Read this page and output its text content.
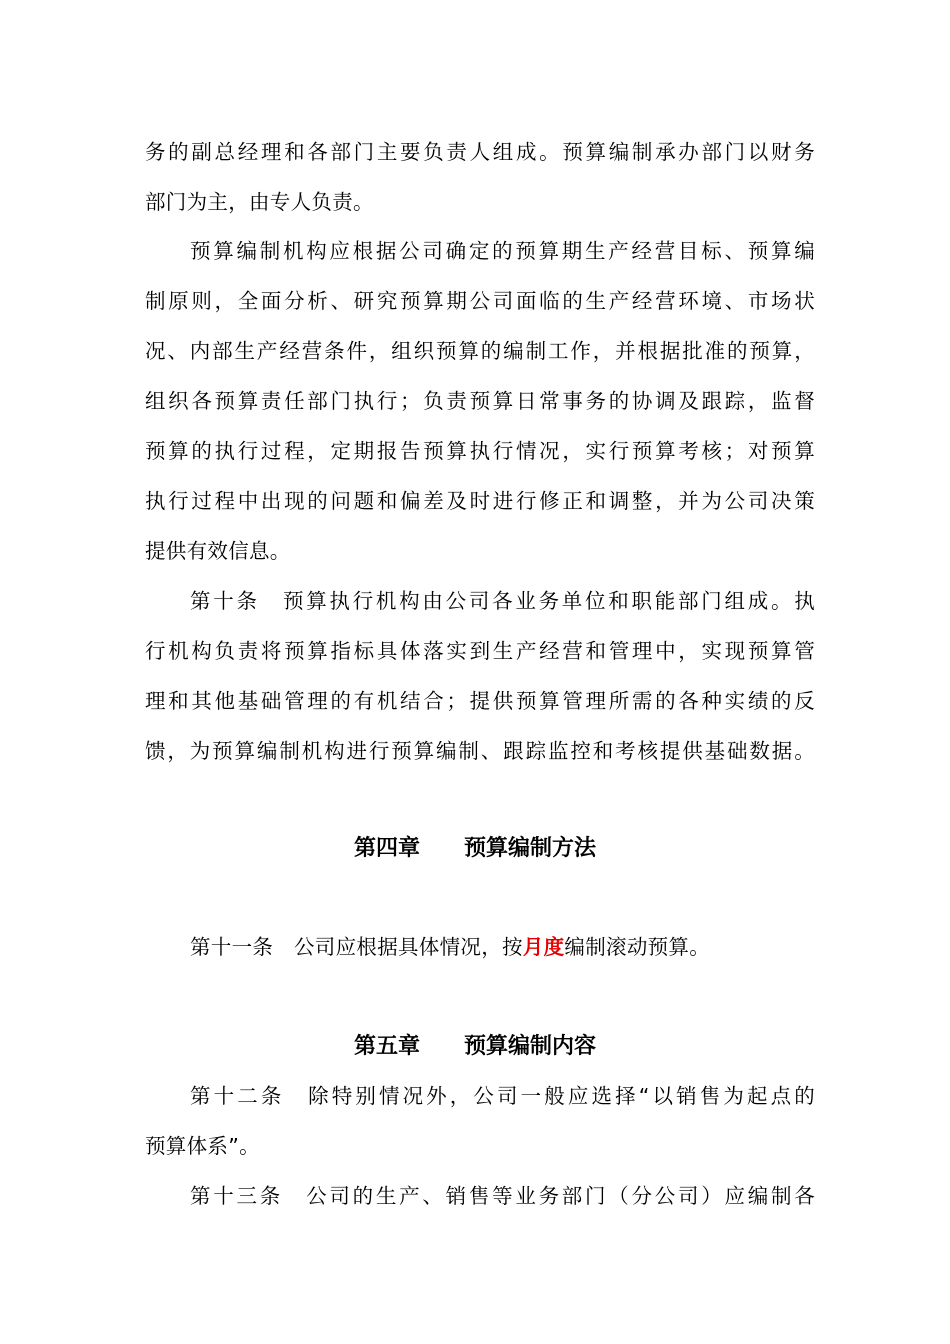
务的副总经理和各部门主要负责人组成。预算编制承办部门以财务
部门为主，由专人负责。
预算编制机构应根据公司确定的预算期生产经营目标、预算编
制原则，全面分析、研究预算期公司面临的生产经营环境、市场状
况、内部生产经营条件，组织预算的编制工作，并根据批准的预算，
组织各预算责任部门执行；负责预算日常事务的协调及跟踪，监督
预算的执行过程，定期报告预算执行情况，实行预算考核；对预算
执行过程中出现的问题和偏差及时进行修正和调整，并为公司决策
提供有效信息。
第十条　预算执行机构由公司各业务单位和职能部门组成。执
行机构负责将预算指标具体落实到生产经营和管理中，实现预算管
理和其他基础管理的有机结合；提供预算管理所需的各种实绩的反
馈，为预算编制机构进行预算编制、跟踪监控和考核提供基础数据。
第四章　　预算编制方法
第十一条　公司应根据具体情况，按月度编制滚动预算。
第五章　　预算编制内容
第十二条　除特别情况外，公司一般应选择“以销售为起点的
预算体系”。
第十三条　公司的生产、销售等业务部门（分公司）应编制各
